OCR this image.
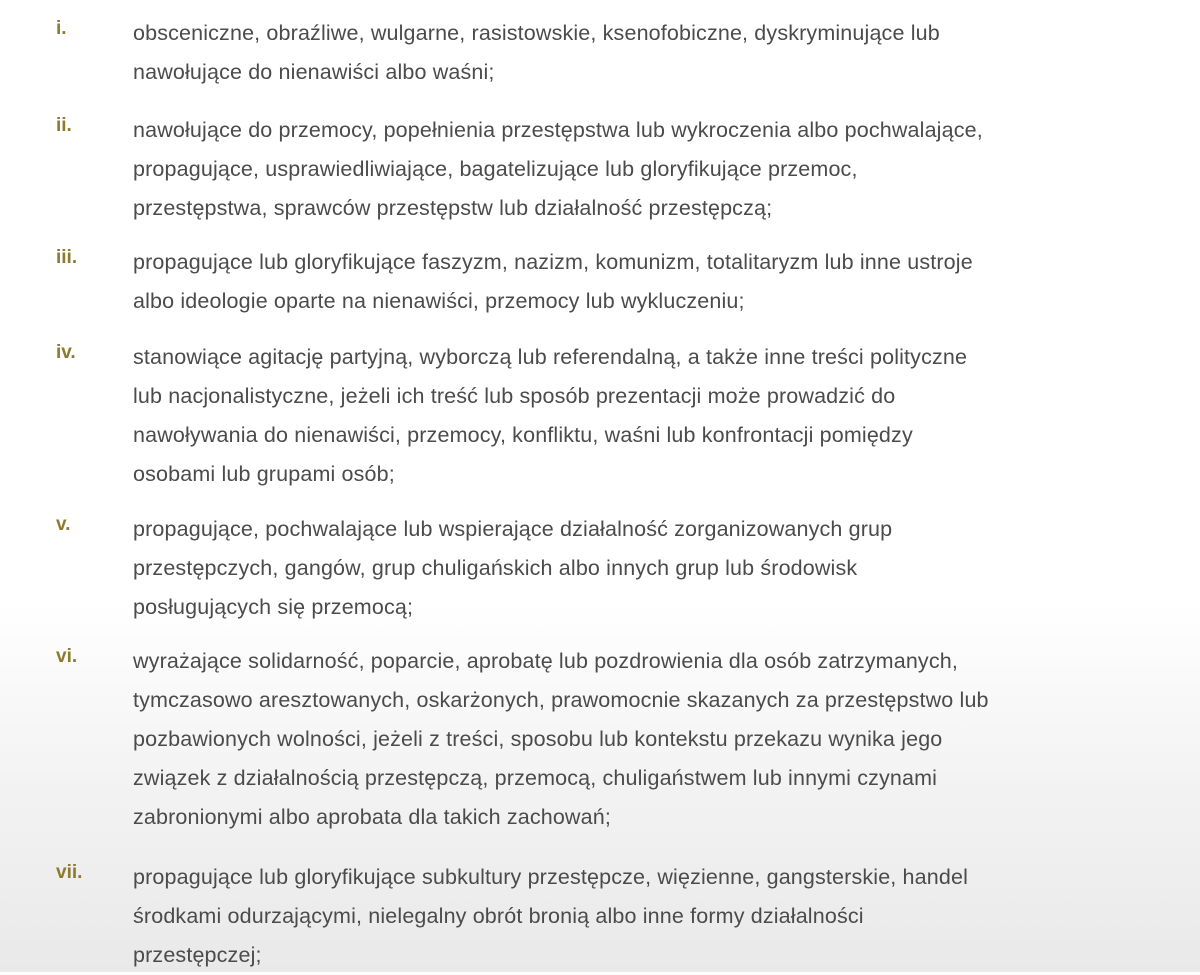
i.	obsceniczne, obraźliwe, wulgarne, rasistowskie, ksenofobiczne, dyskryminujące lub
nawołujące do nienawiści albo waśni;
ii.	nawołujące do przemocy, popełnienia przestępstwa lub wykroczenia albo pochwalające,
propagujące, usprawiedliwiające, bagatelizujące lub gloryfikujące przemoc,
przestępstwa, sprawców przestępstw lub działalność przestępczą;
iii.	propagujące lub gloryfikujące faszyzm, nazizm, komunizm, totalitaryzm lub inne ustroje
albo ideologie oparte na nienawiści, przemocy lub wykluczeniu;
iv.	stanowiące agitację partyjną, wyborczą lub referendalną, a także inne treści polityczne
lub nacjonalistyczne, jeżeli ich treść lub sposób prezentacji może prowadzić do
nawoływania do nienawiści, przemocy, konfliktu, waśni lub konfrontacji pomiędzy
osobami lub grupami osób;
v.	propagujące, pochwalające lub wspierające działalność zorganizowanych grup
przestępczych, gangów, grup chuligańskich albo innych grup lub środowisk
posługujących się przemocą;
vi.	wyrażające solidarność, poparcie, aprobatę lub pozdrowienia dla osób zatrzymanych,
tymczasowo aresztowanych, oskarżonych, prawomocnie skazanych za przestępstwo lub
pozbawionych wolności, jeżeli z treści, sposobu lub kontekstu przekazu wynika jego
związek z działalnością przestępczą, przemocą, chuligaństwem lub innymi czynami
zabronionymi albo aprobata dla takich zachowań;
vii.	propagujące lub gloryfikujące subkultury przestępcze, więzienne, gangsterskie, handel
środkami odurzającymi, nielegalny obrót bronią albo inne formy działalności
przestępczej;
